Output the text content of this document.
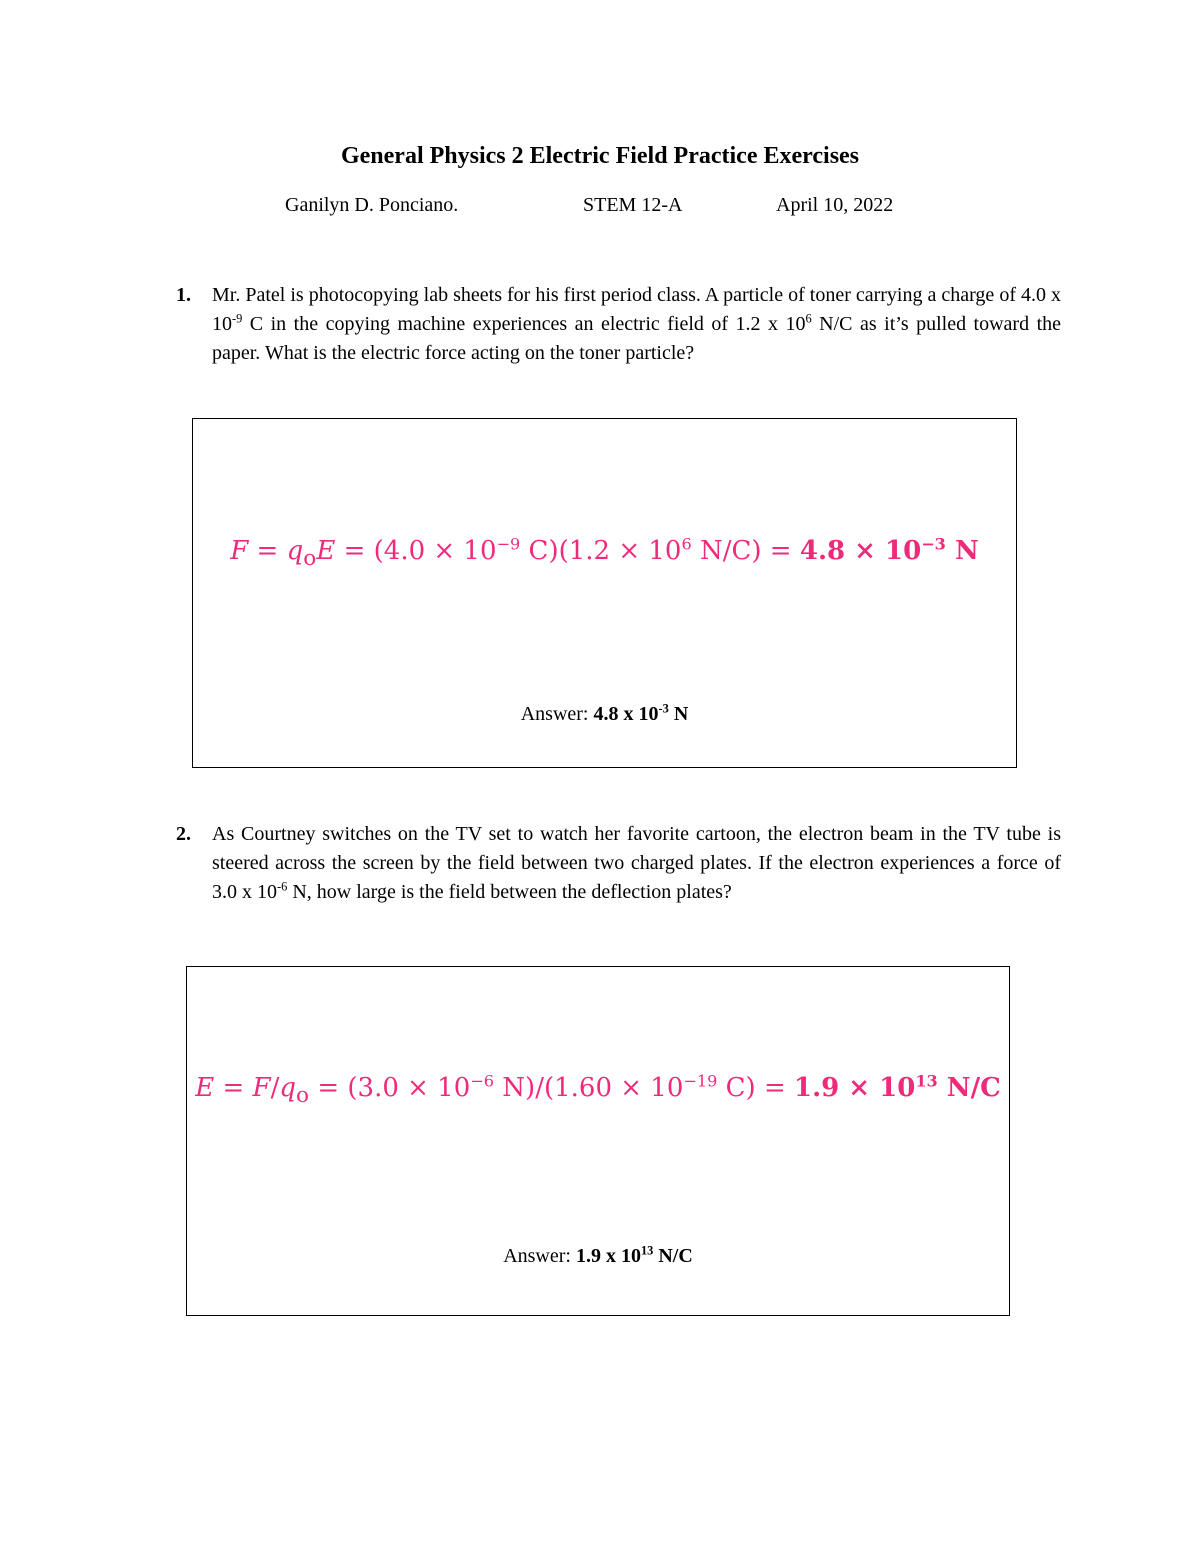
General Physics 2 Electric Field Practice Exercises
Ganilyn D. Ponciano.	STEM 12-A	April 10, 2022
1. Mr. Patel is photocopying lab sheets for his first period class. A particle of toner carrying a charge of 4.0 x $10^{-9}$ C in the copying machine experiences an electric field of 1.2 x $10^6$ N/C as it’s pulled toward the paper. What is the electric force acting on the toner particle?
$F = q_oE = (4.0 \times 10^{-9}$ $C)(1.2 \times 10^6$ $N/C) = 4.8 \times 10^{-3}$ N
Answer: 4.8 x $10^{-3}$ N
2. As Courtney switches on the TV set to watch her favorite cartoon, the electron beam in the TV tube is steered across the screen by the field between two charged plates. If the electron experiences a force of 3.0 x $10^{-6}$ N, how large is the field between the deflection plates?
$E = F/q_o = (3.0 \times 10^{-6}$ $N)/(1.60 \times 10^{-19}$ $C) = 1.9 \times 10^{13}$ N/C
Answer: 1.9 x $10^{13}$ N/C
